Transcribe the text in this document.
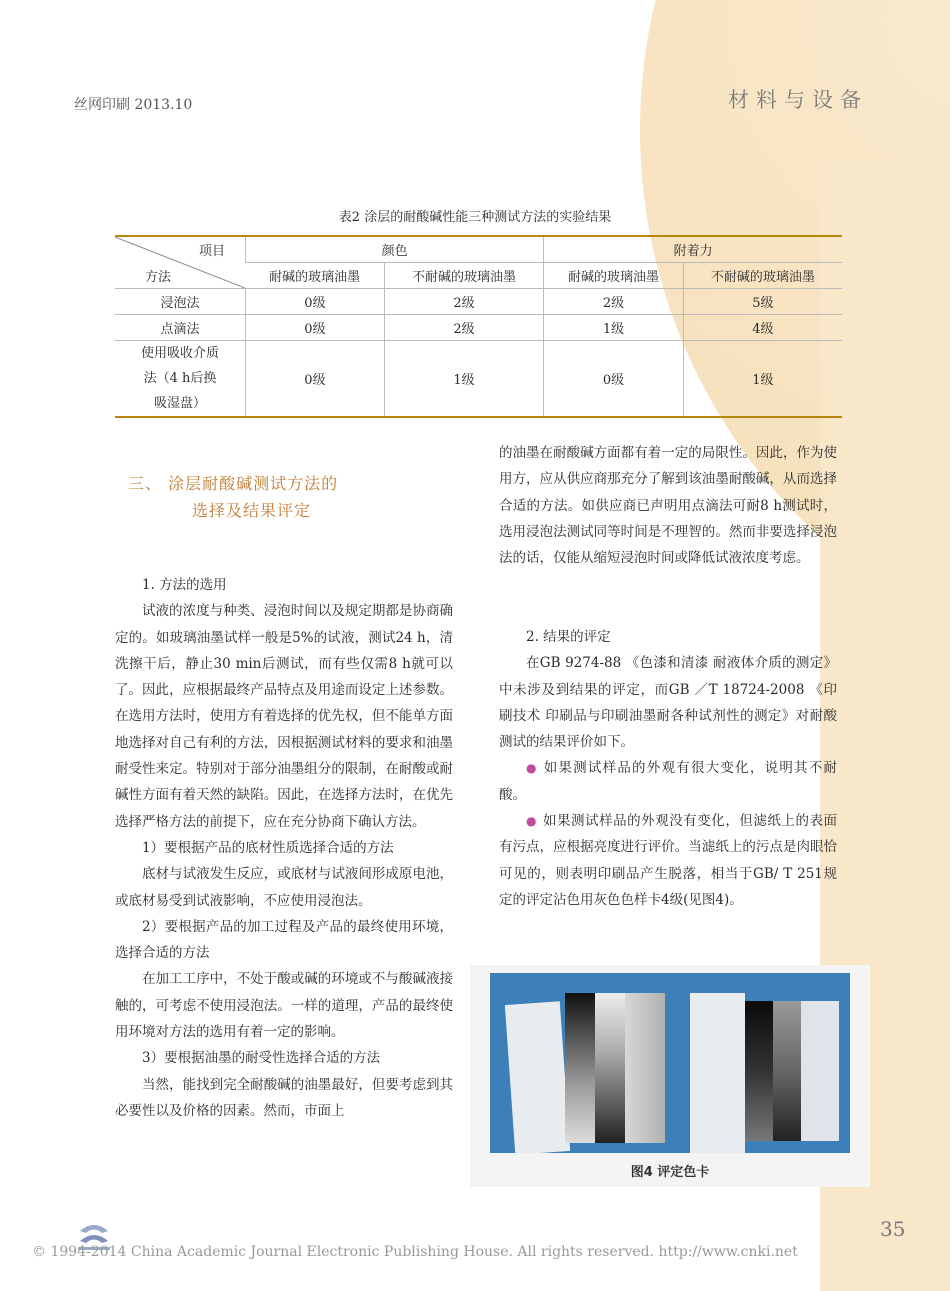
丝网印刷 2013.10	材料与设备
表2 涂层的耐酸碱性能三种测试方法的实验结果
项目
方法	颜色		附着力	
	耐碱的玻璃油墨	不耐碱的玻璃油墨	耐碱的玻璃油墨	不耐碱的玻璃油墨
浸泡法	0级	2级	2级	5级
点滴法	0级	2级	1级	4级

使用吸收介质
法（4 h后换
吸湿盘）	0级	1级	0级	1级
三、 涂层耐酸碱测试方法的
选择及结果评定

1. 方法的选用

试液的浓度与种类、浸泡时间以及规定期都是协商确定的。如玻璃油墨试样一般是5%的试液，测试24 h，清洗擦干后，静止30 min后测试，而有些仅需8 h就可以了。因此，应根据最终产品特点及用途而设定上述参数。在选用方法时，使用方有着选择的优先权，但不能单方面地选择对自己有利的方法，因根据测试材料的要求和油墨耐受性来定。特别对于部分油墨组分的限制，在耐酸或耐碱性方面有着天然的缺陷。因此，在选择方法时，在优先选择严格方法的前提下，应在充分协商下确认方法。

1）要根据产品的底材性质选择合适的方法

底材与试液发生反应，或底材与试液间形成原电池，或底材易受到试液影响，不应使用浸泡法。

2）要根据产品的加工过程及产品的最终使用环境，选择合适的方法

在加工工序中，不处于酸或碱的环境或不与酸碱液接触的，可考虑不使用浸泡法。一样的道理，产品的最终使用环境对方法的选用有着一定的影响。

3）要根据油墨的耐受性选择合适的方法

当然，能找到完全耐酸碱的油墨最好，但要考虑到其必要性以及价格的因素。然而，市面上

的油墨在耐酸碱方面都有着一定的局限性。因此，作为使用方，应从供应商那充分了解到该油墨耐酸碱，从而选择合适的方法。如供应商已声明用点滴法可耐8 h测试时，选用浸泡法测试同等时间是不理智的。然而非要选择浸泡法的话，仅能从缩短浸泡时间或降低试液浓度考虑。

2. 结果的评定

在GB 9274-88 《色漆和清漆 耐液体介质的测定》中未涉及到结果的评定，而GB ／T 18724-2008 《印刷技术 印刷品与印刷油墨耐各种试剂性的测定》对耐酸测试的结果评价如下。

● 如果测试样品的外观有很大变化，说明其不耐酸。

● 如果测试样品的外观没有变化，但滤纸上的表面有污点，应根据亮度进行评价。当滤纸上的污点是肉眼恰可见的，则表明印刷品产生脱落，相当于GB/ T 251规定的评定沾色用灰色色样卡4级(见图4)。

图4 评定色卡
35
© 1994-2014 China Academic Journal Electronic Publishing House. All rights reserved. http://www.cnki.net
